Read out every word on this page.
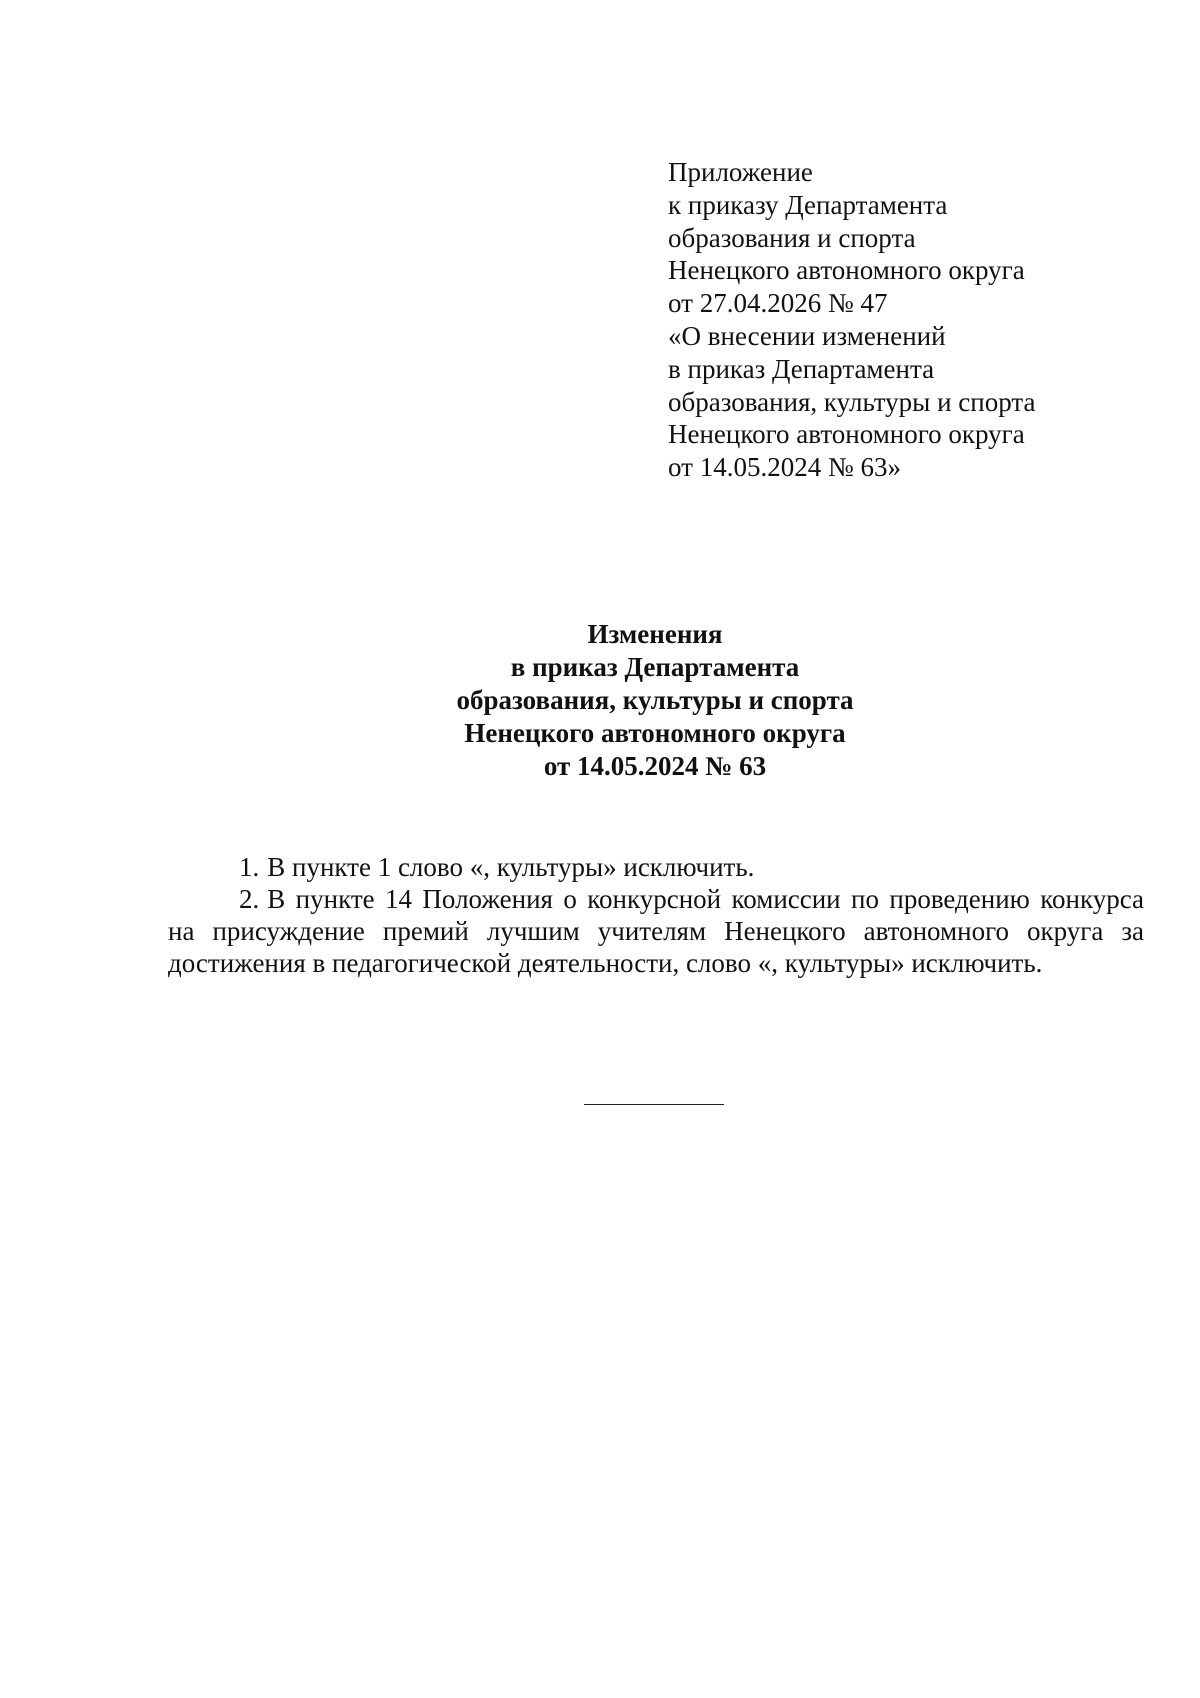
Приложение
к приказу Департамента
образования и спорта
Ненецкого автономного округа
от 27.04.2026 № 47
«О внесении изменений
в приказ Департамента
образования, культуры и спорта
Ненецкого автономного округа
от 14.05.2024 № 63»
Изменения
в приказ Департамента
образования, культуры и спорта
Ненецкого автономного округа
от 14.05.2024 № 63

1. В пункте 1 слово «, культуры» исключить.

2. В пункте 14 Положения о конкурсной комиссии по проведению конкурса на присуждение премий лучшим учителям Ненецкого автономного округа за достижения в педагогической деятельности, слово «, культуры» исключить.
